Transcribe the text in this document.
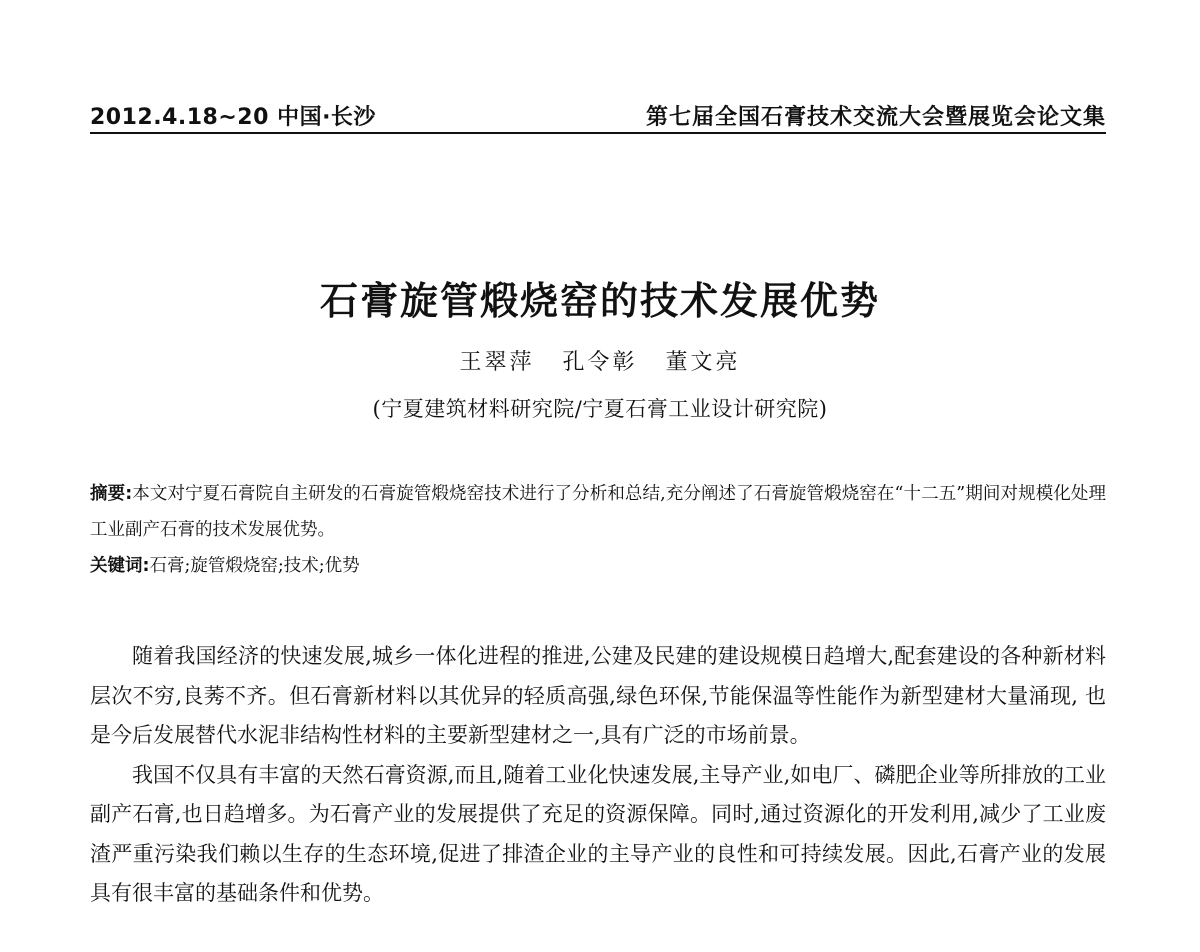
2012.4.18~20 中国·长沙	第七届全国石膏技术交流大会暨展览会论文集
石膏旋管煅烧窑的技术发展优势
王翠萍 孔令彰 董文亮
(宁夏建筑材料研究院/宁夏石膏工业设计研究院)

摘要:本文对宁夏石膏院自主研发的石膏旋管煅烧窑技术进行了分析和总结,充分阐述了石膏旋管煅烧窑在“十二五”期间对规模化处理工业副产石膏的技术发展优势。

关键词:石膏;旋管煅烧窑;技术;优势

随着我国经济的快速发展,城乡一体化进程的推进,公建及民建的建设规模日趋增大,配套建设的各种新材料层次不穷,良莠不齐。但石膏新材料以其优异的轻质高强,绿色环保,节能保温等性能作为新型建材大量涌现, 也是今后发展替代水泥非结构性材料的主要新型建材之一,具有广泛的市场前景。

我国不仅具有丰富的天然石膏资源,而且,随着工业化快速发展,主导产业,如电厂、磷肥企业等所排放的工业副产石膏,也日趋增多。为石膏产业的发展提供了充足的资源保障。同时,通过资源化的开发利用,减少了工业废渣严重污染我们赖以生存的生态环境,促进了排渣企业的主导产业的良性和可持续发展。因此,石膏产业的发展具有很丰富的基础条件和优势。
